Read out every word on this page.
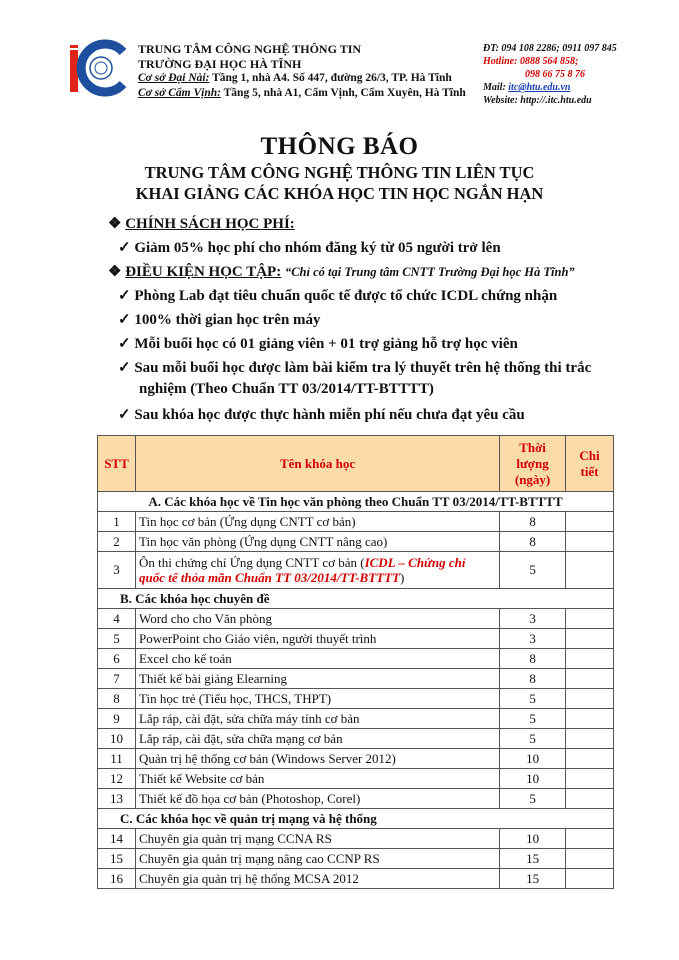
TRUNG TÂM CÔNG NGHỆ THÔNG TIN
TRƯỜNG ĐẠI HỌC HÀ TĨNH
Cơ sở Đại Nài: Tầng 1, nhà A4. Số 447, đường 26/3, TP. Hà Tĩnh
Cơ sở Cẩm Vịnh: Tầng 5, nhà A1, Cẩm Vịnh, Cẩm Xuyên, Hà Tĩnh
ĐT: 094 108 2286; 0911 097 845
Hotline: 0888 564 858;
098 66 75 8 76
Mail: itc@htu.edu.vn
Website: http://.itc.htu.edu
THÔNG BÁO
TRUNG TÂM CÔNG NGHỆ THÔNG TIN LIÊN TỤC
KHAI GIẢNG CÁC KHÓA HỌC TIN HỌC NGẮN HẠN
❖ CHÍNH SÁCH HỌC PHÍ:
✓ Giảm 05% học phí cho nhóm đăng ký từ 05 người trở lên
❖ ĐIỀU KIỆN HỌC TẬP: “Chỉ có tại Trung tâm CNTT Trường Đại học Hà Tĩnh”
✓ Phòng Lab đạt tiêu chuẩn quốc tế được tổ chức ICDL chứng nhận
✓ 100% thời gian học trên máy
✓ Mỗi buổi học có 01 giảng viên + 01 trợ giảng hỗ trợ học viên
✓ Sau mỗi buổi học được làm bài kiểm tra lý thuyết trên hệ thống thi trắc
nghiệm (Theo Chuẩn TT 03/2014/TT-BTTTT)
✓ Sau khóa học được thực hành miễn phí nếu chưa đạt yêu cầu
STT	Tên khóa học	Thời
lượng
(ngày)	Chi
tiết
A. Các khóa học về Tin học văn phòng theo Chuẩn TT 03/2014/TT-BTTTT			
1	Tin học cơ bản (Ứng dụng CNTT cơ bản)	8	
2	Tin học văn phòng (Ứng dụng CNTT nâng cao)	8	
3	Ôn thi chứng chỉ Ứng dụng CNTT cơ bản (ICDL – Chứng chỉ
quốc tế thỏa mãn Chuẩn TT 03/2014/TT-BTTTT)	5	
B. Các khóa học chuyên đề			
4	Word cho cho Văn phòng	3	
5	PowerPoint cho Giáo viên, người thuyết trình	3	
6	Excel cho kế toán	8	
7	Thiết kế bài giảng Elearning	8	
8	Tin học trẻ (Tiểu học, THCS, THPT)	5	
9	Lắp ráp, cài đặt, sửa chữa máy tính cơ bản	5	
10	Lắp ráp, cài đặt, sửa chữa mạng cơ bản	5	
11	Quản trị hệ thống cơ bản (Windows Server 2012)	10	
12	Thiết kế Website cơ bản	10	
13	Thiết kế đồ họa cơ bản (Photoshop, Corel)	5	
C. Các khóa học về quản trị mạng và hệ thống			
14	Chuyên gia quản trị mạng CCNA RS	10	
15	Chuyên gia quản trị mạng nâng cao CCNP RS	15	
16	Chuyên gia quản trị hệ thống MCSA 2012	15	
